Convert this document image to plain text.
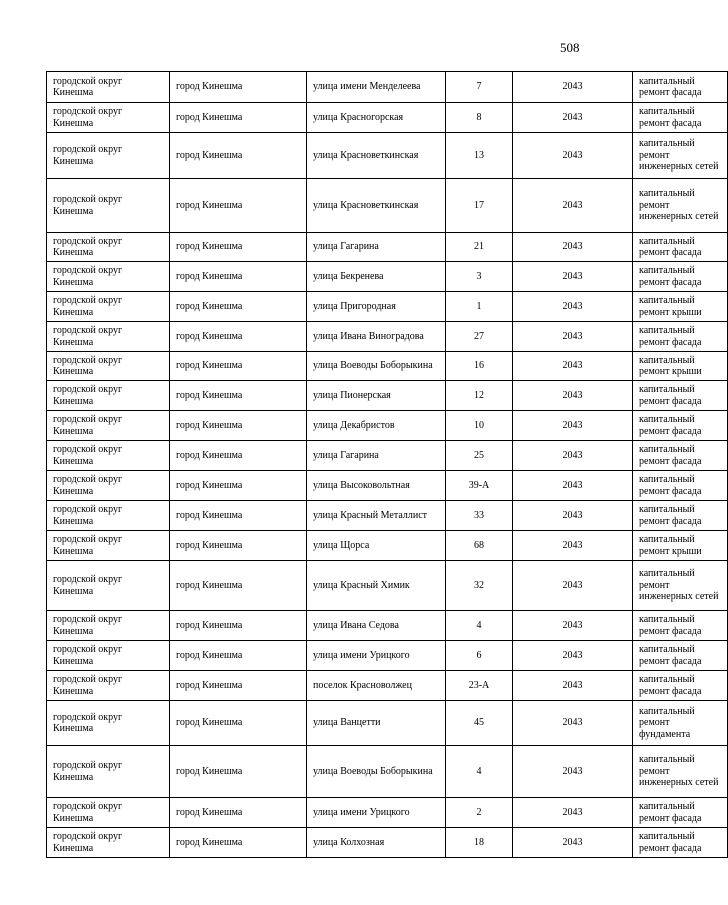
508
городской округ Кинешма	город Кинешма	улица имени Менделеева	7	2043	капитальный ремонт фасада
городской округ Кинешма	город Кинешма	улица Красногорская	8	2043	капитальный ремонт фасада
городской округ Кинешма	город Кинешма	улица Красноветкинская	13	2043	капитальный ремонт инженерных сетей
городской округ Кинешма	город Кинешма	улица Красноветкинская	17	2043	капитальный ремонт инженерных сетей
городской округ Кинешма	город Кинешма	улица Гагарина	21	2043	капитальный ремонт фасада
городской округ Кинешма	город Кинешма	улица Бекренева	3	2043	капитальный ремонт фасада
городской округ Кинешма	город Кинешма	улица Пригородная	1	2043	капитальный ремонт крыши
городской округ Кинешма	город Кинешма	улица Ивана Виноградова	27	2043	капитальный ремонт фасада
городской округ Кинешма	город Кинешма	улица Воеводы Боборыкина	16	2043	капитальный ремонт крыши
городской округ Кинешма	город Кинешма	улица Пионерская	12	2043	капитальный ремонт фасада
городской округ Кинешма	город Кинешма	улица Декабристов	10	2043	капитальный ремонт фасада
городской округ Кинешма	город Кинешма	улица Гагарина	25	2043	капитальный ремонт фасада
городской округ Кинешма	город Кинешма	улица Высоковольтная	39-А	2043	капитальный ремонт фасада
городской округ Кинешма	город Кинешма	улица Красный Металлист	33	2043	капитальный ремонт фасада
городской округ Кинешма	город Кинешма	улица Щорса	68	2043	капитальный ремонт крыши
городской округ Кинешма	город Кинешма	улица Красный Химик	32	2043	капитальный ремонт инженерных сетей
городской округ Кинешма	город Кинешма	улица Ивана Седова	4	2043	капитальный ремонт фасада
городской округ Кинешма	город Кинешма	улица имени Урицкого	6	2043	капитальный ремонт фасада
городской округ Кинешма	город Кинешма	поселок Красноволжец	23-А	2043	капитальный ремонт фасада
городской округ Кинешма	город Кинешма	улица Ванцетти	45	2043	капитальный ремонт фундамента
городской округ Кинешма	город Кинешма	улица Воеводы Боборыкина	4	2043	капитальный ремонт инженерных сетей
городской округ Кинешма	город Кинешма	улица имени Урицкого	2	2043	капитальный ремонт фасада
городской округ Кинешма	город Кинешма	улица Колхозная	18	2043	капитальный ремонт фасада
